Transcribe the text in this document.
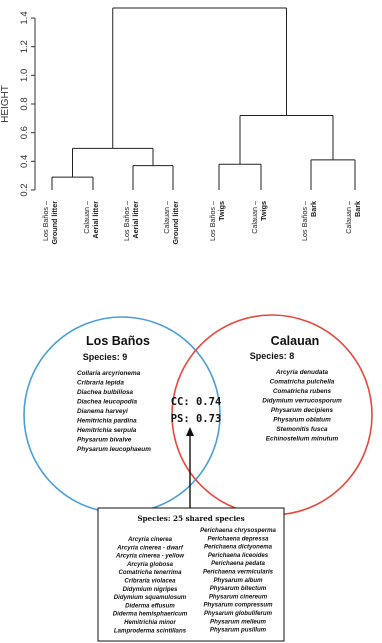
HEIGHT
0.2
0.4
0.6
0.8
1.0
1.2
1.4
Los Baños – Ground litter	Calauan – Aerial litter	Los Baños – Aerial litter	Calauan – Ground litter	Los Baños – Twigs	Calauan – Twigs	Los Baños – Bark	Calauan – Bark
Los Baños
Species: 9
Collaria arcyrionema
Cribraria lepida
Diachea bulbillosa
Diachea leucopodia
Dianema harveyi
Hemitrichia pardina
Hemitrichia serpula
Physarum bivalve
Physarum leucophaeum
Calauan
Species: 8
Arcyria denudata
Comatricha pulchella
Comatricha rubens
Didymium verrucosporum
Physarum decipiens
Physarum oblatum
Stemonitis fusca
Echinostelium minutum
CC: 0.74
PS: 0.73
Species: 25 shared species
Arcyria cinerea
Arcyria cinerea - dwarf
Arcyria cinerea - yellow
Arcyria globosa
Comatricha tenerrima
Cribraria violacea
Didymium nigripes
Didymium squamulosum
Diderma effusum
Diderma hemisphaericum
Hemitrichia minor
Lamproderma scintillans
Perichaena chrysosperma
Perichaena depressa
Perichaena dictyonema
Perichaena liceoides
Perichaena pedata
Perichaena vermicularis
Physarum album
Physarum bitectum
Physarum cinereum
Physarum compressum
Physarum globuliferum
Physarum melleum
Physarum pusillum
